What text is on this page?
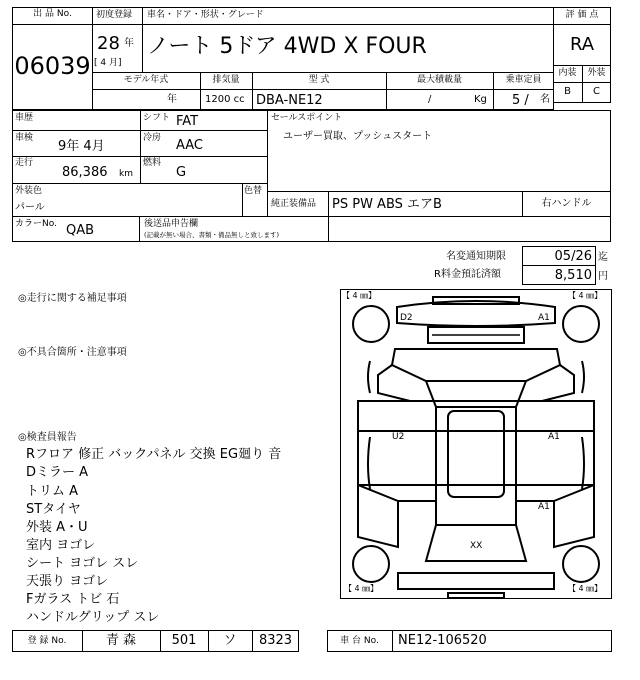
出 品 No.
06039
初度登録 車名・ドア・形状・グレード
28 年
[ 4 月]
ノート 5ドア 4WD X FOUR
評 価 点
RA
内装	外装
B	C
モデル年式	排気量	型 式	最大積載量	乗車定員
年	1200 cc DBA-NE12	/	Kg 5 / 名
車歴
車検
9年 4月
走行
86,386 km
シフト FAT
冷房 AAC
燃料
G
セールスポイント
ユーザー買取、プッシュスタート
外装色
パール
色替
純正装備品 PS PW ABS エアB	右ハンドル
カラーNo. QAB	後送品申告欄
(記載が無い場合、書類・備品無しと致します)
名変通知期限	05/26 迄
R料金預託済額	8,510 円
◎走行に関する補足事項
◎不具合箇所・注意事項
◎検査員報告
Rフロア 修正 バックパネル 交換 EG廻り 音
Dミラー A
トリム A
STタイヤ
外装 A・U
室内 ヨゴレ
シート ヨゴレ スレ
天張り ヨゴレ
Fガラス トビ 石
ハンドルグリップ スレ
【 4 ㎜】	【 4 ㎜】
【 4 ㎜】	【 4 ㎜】
D2	A1
U2	A1
A1
XX
登 録 No.	青 森	501	ソ	8323	車 台 No.	NE12-106520
